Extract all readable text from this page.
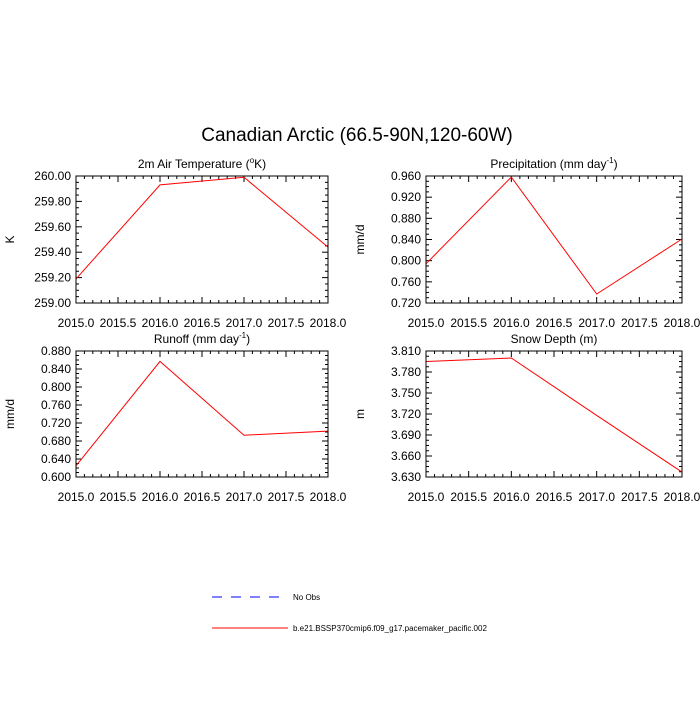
Canadian Arctic (66.5-90N,120-60W)
2m Air Temperature ($^o$K)
K
259.00
259.20
259.40
259.60
259.80
260.00
2015.0 2015.5 2016.0 2016.5 2017.0 2017.5 2018.0
Precipitation (mm day$^{-1}$)
mm/d
0.720
0.760
0.800
0.840
0.880
0.920
0.960
2015.0 2015.5 2016.0 2016.5 2017.0 2017.5 2018.0
Runoff (mm day$^{-1}$)
mm/d
0.600
0.640
0.680
0.720
0.760
0.800
0.840
0.880
2015.0 2015.5 2016.0 2016.5 2017.0 2017.5 2018.0
Snow Depth (m)
m
3.630
3.660
3.690
3.720
3.750
3.780
3.810
2015.0 2015.5 2016.0 2016.5 2017.0 2017.5 2018.0
No Obs
b.e21.BSSP370cmip6.f09_g17.pacemaker_pacific.002
